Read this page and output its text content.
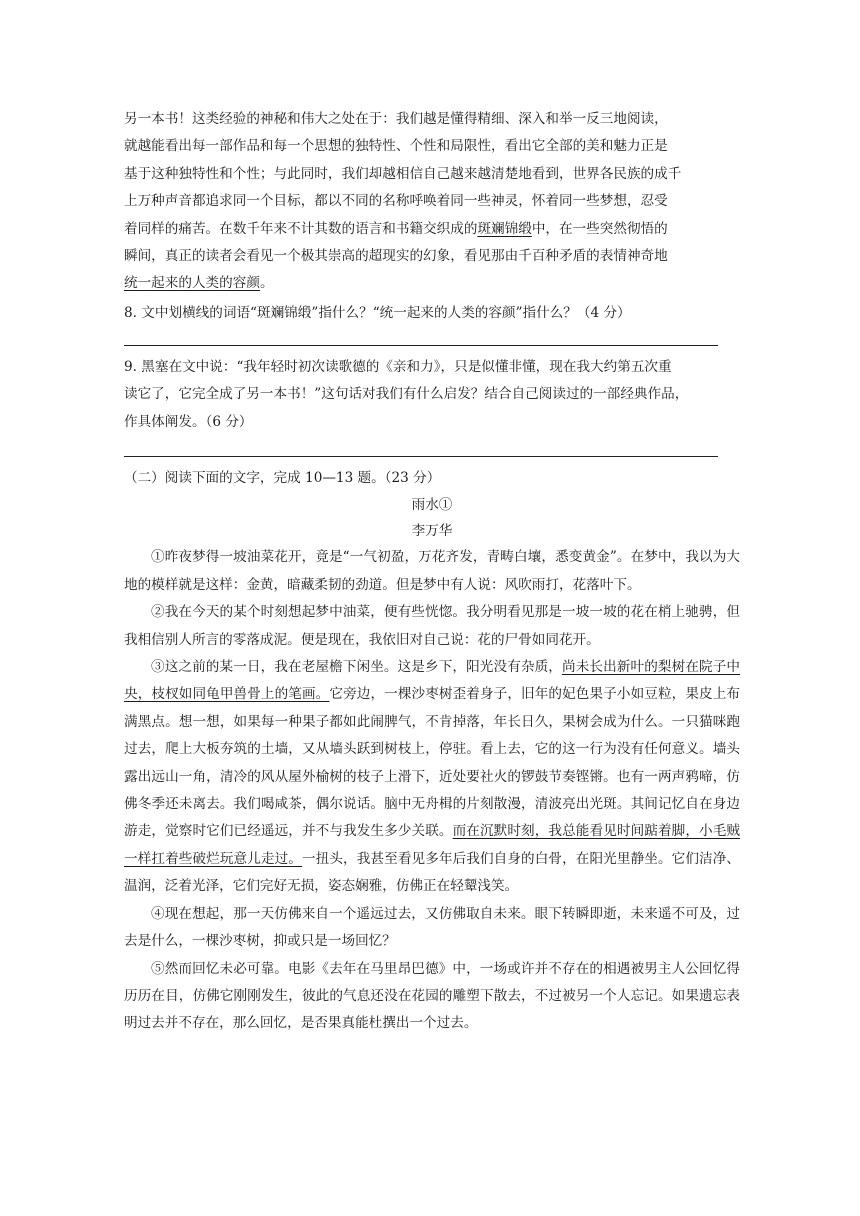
另一本书！这类经验的神秘和伟大之处在于：我们越是懂得精细、深入和举一反三地阅读，

就越能看出每一部作品和每一个思想的独特性、个性和局限性，看出它全部的美和魅力正是

基于这种独特性和个性；与此同时，我们却越相信自己越来越清楚地看到，世界各民族的成千

上万种声音都追求同一个目标，都以不同的名称呼唤着同一些神灵，怀着同一些梦想，忍受

着同样的痛苦。在数千年来不计其数的语言和书籍交织成的斑斓锦缎中，在一些突然彻悟的

瞬间，真正的读者会看见一个极其崇高的超现实的幻象，看见那由千百种矛盾的表情神奇地

统一起来的人类的容颜。

8. 文中划横线的词语“斑斓锦缎”指什么？“统一起来的人类的容颜”指什么？（4 分）

9. 黑塞在文中说：“我年轻时初次读歌德的《亲和力》，只是似懂非懂，现在我大约第五次重

读它了，它完全成了另一本书！”这句话对我们有什么启发？结合自己阅读过的一部经典作品，

作具体阐发。（6 分）

（二）阅读下面的文字，完成 10—13 题。（23 分）

雨水①

李万华

①昨夜梦得一坡油菜花开，竟是“一气初盈，万花齐发，青畴白壤，悉变黄金”。在梦中，我以为大地的模样就是这样：金黄，暗藏柔韧的劲道。但是梦中有人说：风吹雨打，花落叶下。

②我在今天的某个时刻想起梦中油菜，便有些恍惚。我分明看见那是一坡一坡的花在梢上驰骋，但我相信别人所言的零落成泥。便是现在，我依旧对自己说：花的尸骨如同花开。

③这之前的某一日，我在老屋檐下闲坐。这是乡下，阳光没有杂质，尚未长出新叶的梨树在院子中央，枝杈如同龟甲兽骨上的笔画。它旁边，一棵沙枣树歪着身子，旧年的妃色果子小如豆粒，果皮上布满黑点。想一想，如果每一种果子都如此闹脾气，不肯掉落，年长日久，果树会成为什么。一只猫咪跑过去，爬上大板夯筑的土墙，又从墙头跃到树枝上，停驻。看上去，它的这一行为没有任何意义。墙头露出远山一角，清冷的风从屋外榆树的枝子上滑下，近处要社火的锣鼓节奏铿锵。也有一两声鸦啼，仿佛冬季还未离去。我们喝咸茶，偶尔说话。脑中无舟楫的片刻散漫，清波亮出光斑。其间记忆自在身边游走，觉察时它们已经遥远，并不与我发生多少关联。而在沉默时刻，我总能看见时间踮着脚，小毛贼一样扛着些破烂玩意儿走过。一扭头，我甚至看见多年后我们自身的白骨，在阳光里静坐。它们洁净、温润，泛着光泽，它们完好无损，姿态娴雅，仿佛正在轻颦浅笑。

④现在想起，那一天仿佛来自一个遥远过去，又仿佛取自未来。眼下转瞬即逝，未来遥不可及，过去是什么，一棵沙枣树，抑或只是一场回忆？

⑤然而回忆未必可靠。电影《去年在马里昂巴德》中，一场或许并不存在的相遇被男主人公回忆得历历在目，仿佛它刚刚发生，彼此的气息还没在花园的雕塑下散去，不过被另一个人忘记。如果遗忘表明过去并不存在，那么回忆，是否果真能杜撰出一个过去。
